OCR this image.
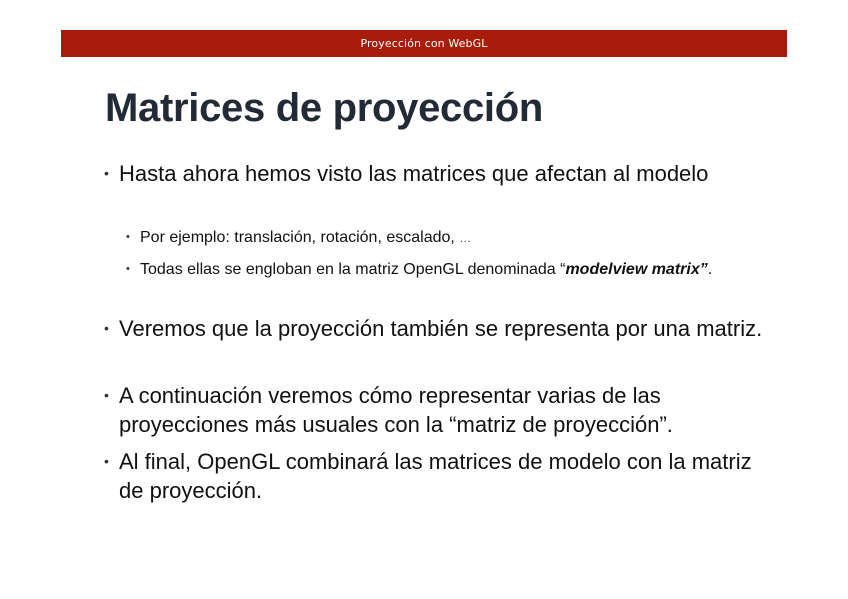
Proyección con WebGL
Matrices de proyección
• Hasta ahora hemos visto las matrices que afectan al modelo
• Por ejemplo: translación, rotación, escalado, …
• Todas ellas se engloban en la matriz OpenGL denominada “modelview matrix”.
• Veremos que la proyección también se representa por una matriz.
• A continuación veremos cómo representar varias de las proyecciones más usuales con la “matriz de proyección”.
• Al final, OpenGL combinará las matrices de modelo con la matriz de proyección.
